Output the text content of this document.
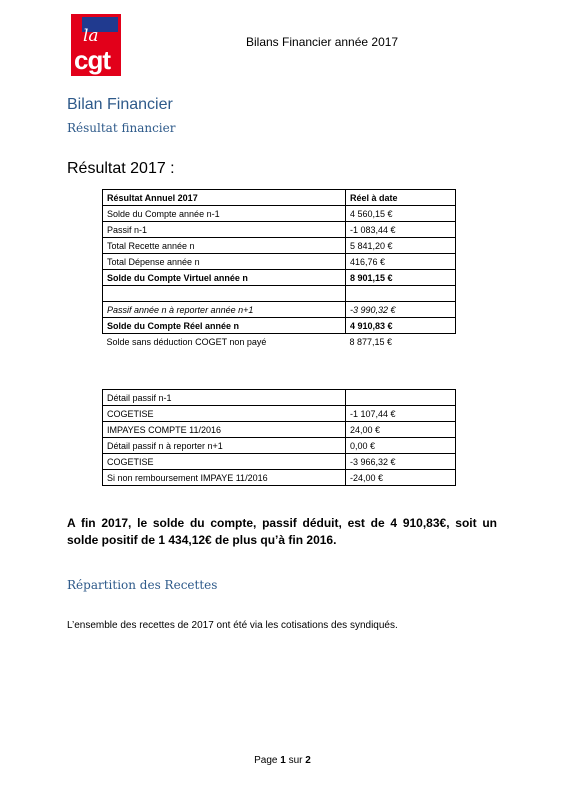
la
cgt
Bilans Financier année 2017
Bilan Financier
Résultat financier
Résultat 2017 :
Résultat Annuel 2017	Réel à date
Solde du Compte année n-1	4 560,15 €
Passif n-1	-1 083,44 €
Total Recette année n	5 841,20 €
Total Dépense année n	416,76 €
Solde du Compte Virtuel année n	8 901,15 €

Passif année n à reporter année n+1	-3 990,32 €
Solde du Compte Réel année n	4 910,83 €
Solde sans déduction COGET non payé	8 877,15 €
Détail passif n-1	
COGETISE	-1 107,44 €
IMPAYES COMPTE 11/2016	24,00 €
Détail passif n à reporter n+1	0,00 €
COGETISE	-3 966,32 €
Si non remboursement IMPAYE 11/2016	-24,00 €
A fin 2017, le solde du compte, passif déduit, est de 4 910,83€, soit un solde positif de 1 434,12€ de plus qu’à fin 2016.
Répartition des Recettes
L’ensemble des recettes de 2017 ont été via les cotisations des syndiqués.
Page 1 sur 2
